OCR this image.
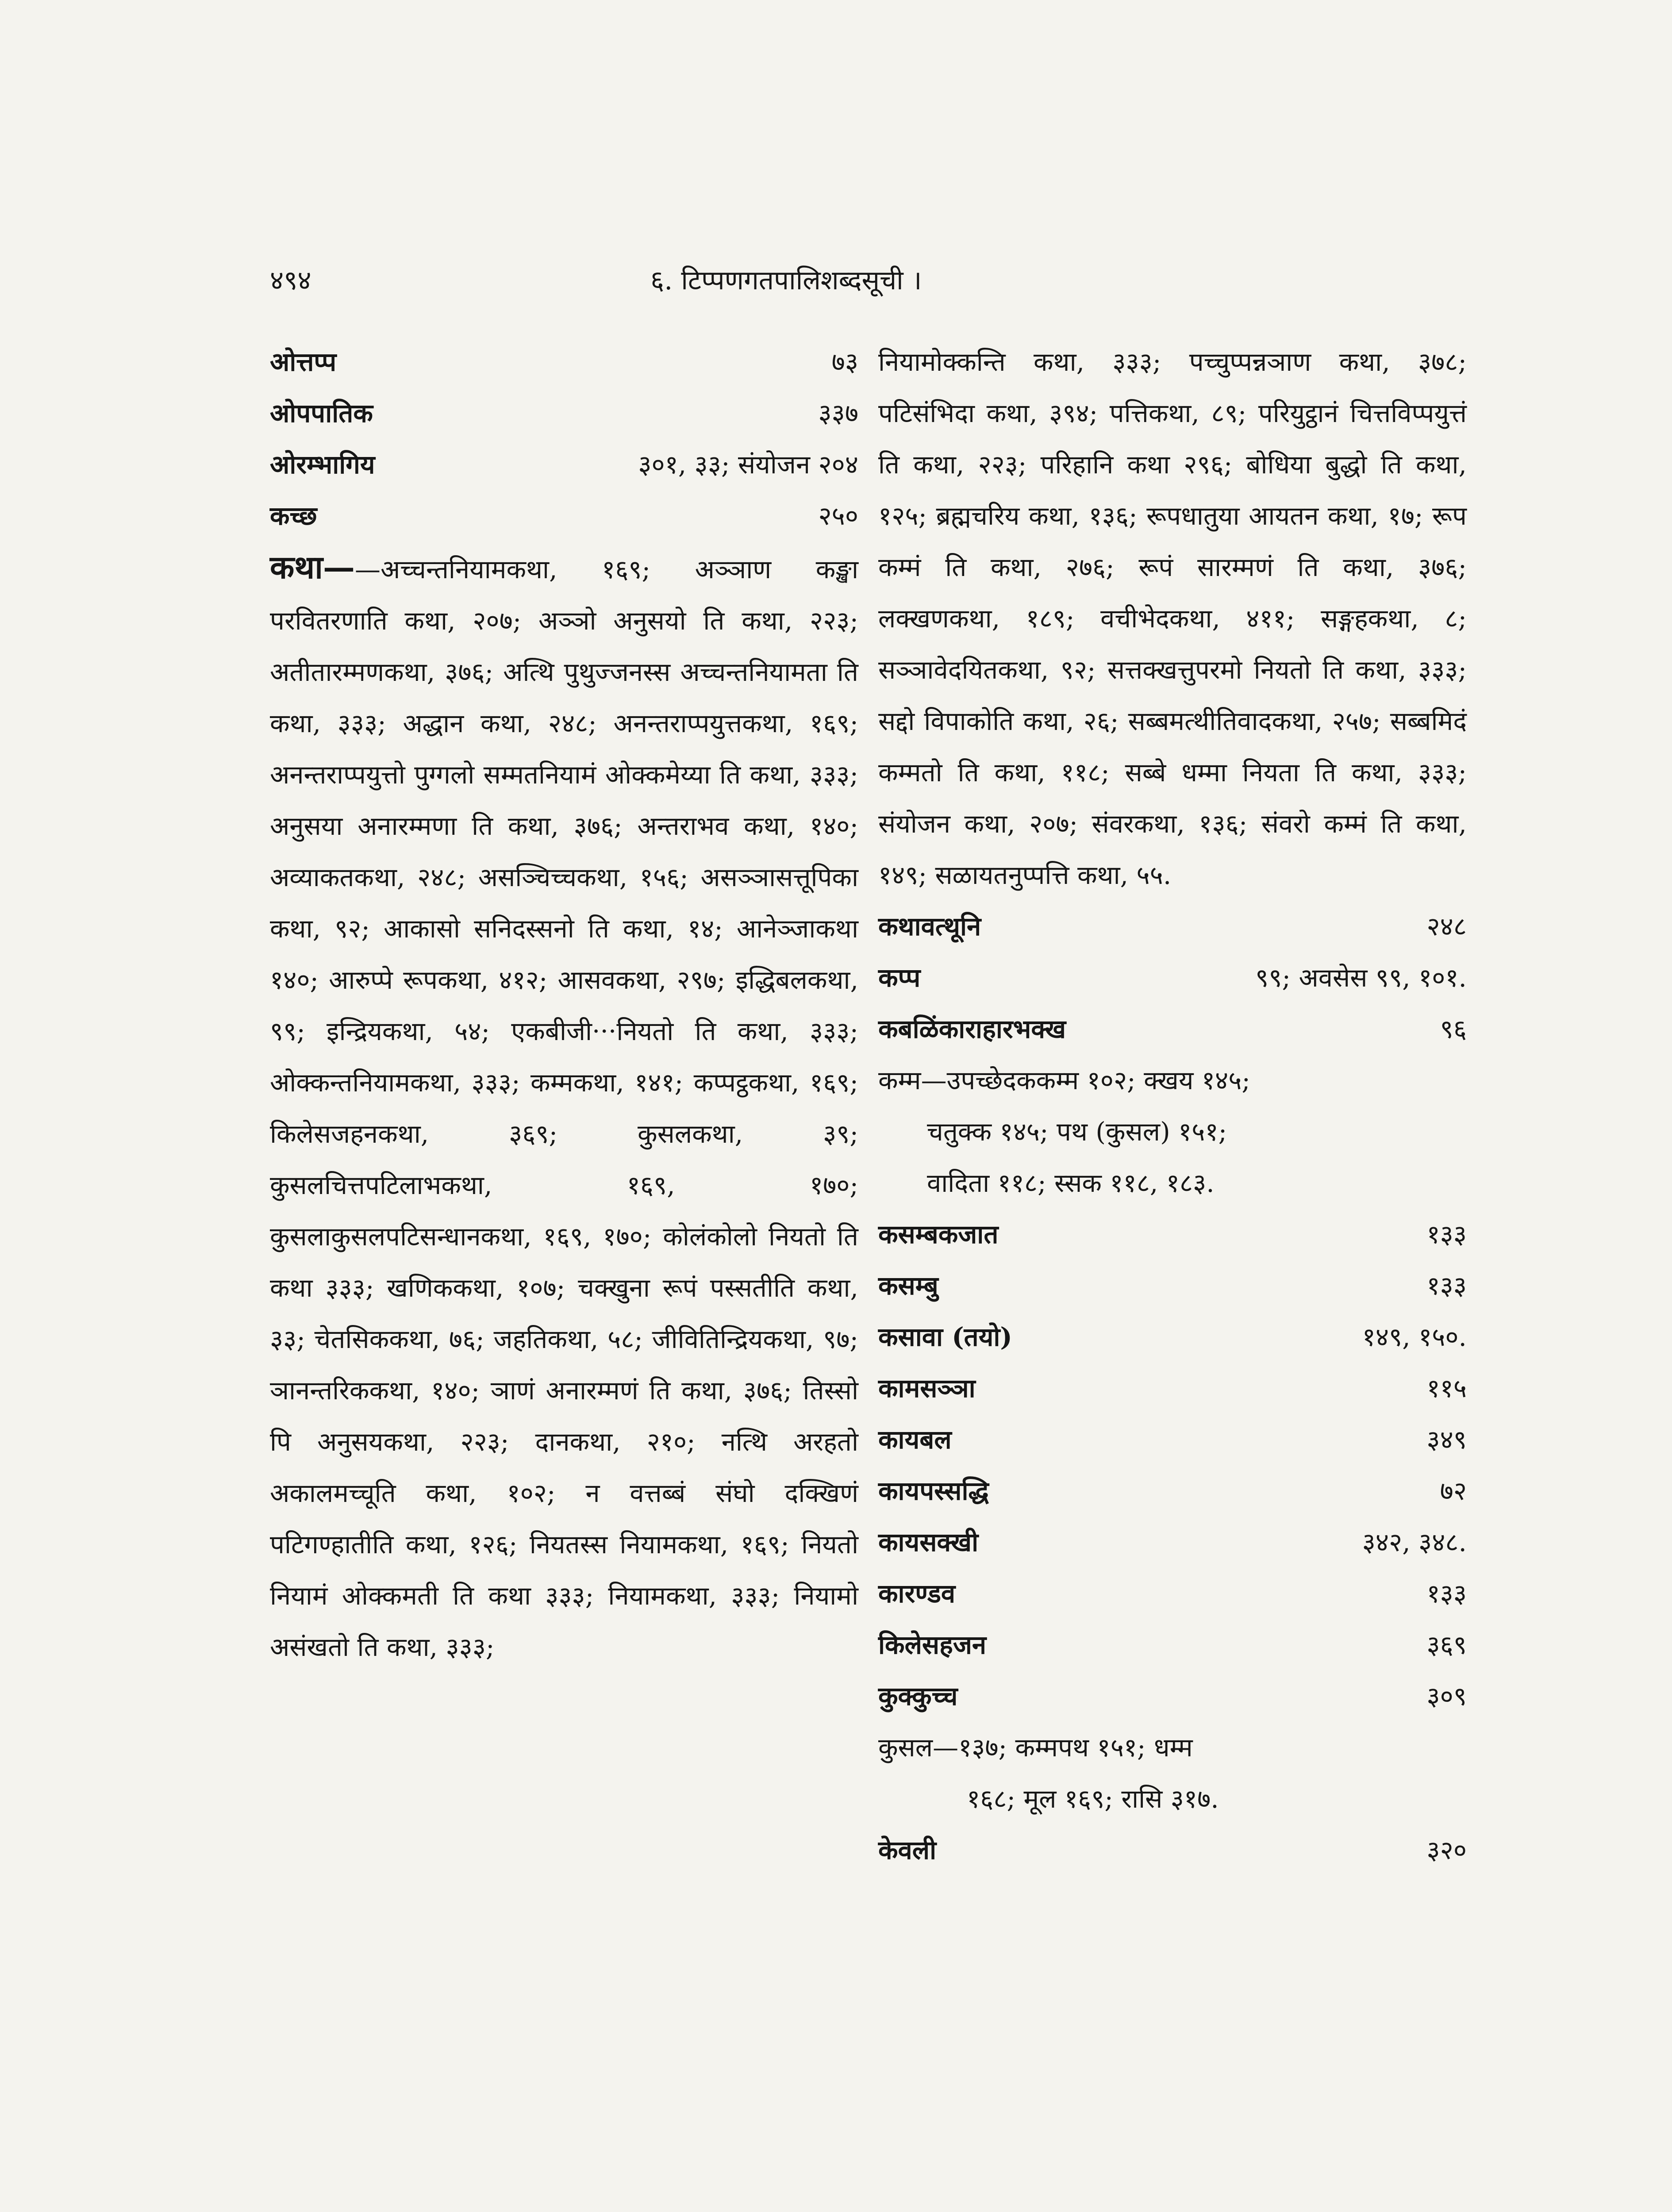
४९४	६. टिप्पणगतपालिशब्दसूची ।
ओत्तप्प	७३
ओपपातिक	३३७
ओरम्भागिय	३०१, ३३; संयोजन २०४
कच्छ	२५०

कथा——अच्चन्तनियामकथा, १६९; अञ्ञाण कङ्खा परवितरणाति कथा, २०७; अञ्ञो अनुसयो ति कथा, २२३; अतीतारम्मणकथा, ३७६; अत्थि पुथुज्जनस्स अच्चन्तनियामता ति कथा, ३३३; अद्धान कथा, २४८; अनन्तराप्पयुत्तकथा, १६९; अनन्तराप्पयुत्तो पुग्गलो सम्मतनियामं ओक्कमेय्या ति कथा, ३३३; अनुसया अनारम्मणा ति कथा, ३७६; अन्तराभव कथा, १४०; अव्याकतकथा, २४८; असञ्चिच्चकथा, १५६; असञ्ञासत्तूपिका कथा, ९२; आकासो सनिदस्सनो ति कथा, १४; आनेञ्जाकथा १४०; आरुप्पे रूपकथा, ४१२; आसवकथा, २९७; इद्धिबलकथा, ९९; इन्द्रियकथा, ५४; एकबीजी···नियतो ति कथा, ३३३; ओक्कन्तनियामकथा, ३३३; कम्मकथा, १४१; कप्पट्ठकथा, १६९; किलेसजहनकथा, ३६९; कुसलकथा, ३९; कुसलचित्तपटिलाभकथा, १६९, १७०; कुसलाकुसलपटिसन्धानकथा, १६९, १७०; कोलंकोलो नियतो ति कथा ३३३; खणिककथा, १०७; चक्खुना रूपं पस्सतीति कथा, ३३; चेतसिककथा, ७६; जहतिकथा, ५८; जीवितिन्द्रियकथा, ९७; ञानन्तरिककथा, १४०; ञाणं अनारम्मणं ति कथा, ३७६; तिस्सो पि अनुसयकथा, २२३; दानकथा, २१०; नत्थि अरहतो अकालमच्चूति कथा, १०२; न वत्तब्बं संघो दक्खिणं पटिगण्हातीति कथा, १२६; नियतस्स नियामकथा, १६९; नियतो नियामं ओक्कमती ति कथा ३३३; नियामकथा, ३३३; नियामो असंखतो ति कथा, ३३३;

नियामोक्कन्ति कथा, ३३३; पच्चुप्पन्नञाण कथा, ३७८; पटिसंभिदा कथा, ३९४; पत्तिकथा, ८९; परियुट्ठानं चित्तविप्पयुत्तं ति कथा, २२३; परिहानि कथा २९६; बोधिया बुद्धो ति कथा, १२५; ब्रह्मचरिय कथा, १३६; रूपधातुया आयतन कथा, १७; रूप कम्मं ति कथा, २७६; रूपं सारम्मणं ति कथा, ३७६; लक्खणकथा, १८९; वचीभेदकथा, ४११; सङ्गहकथा, ८; सञ्ञावेदयितकथा, ९२; सत्तक्खत्तुपरमो नियतो ति कथा, ३३३; सद्दो विपाकोति कथा, २६; सब्बमत्थीतिवादकथा, २५७; सब्बमिदं कम्मतो ति कथा, ११८; सब्बे धम्मा नियता ति कथा, ३३३; संयोजन कथा, २०७; संवरकथा, १३६; संवरो कम्मं ति कथा, १४९; सळायतनुप्पत्ति कथा, ५५.

कथावत्थूनि	२४८
कप्प	९९; अवसेस ९९, १०१.
कबळिंकाराहारभक्ख	९६
कम्म—उपच्छेदककम्म १०२; क्खय १४५;
चतुक्क १४५; पथ (कुसल) १५१;
वादिता ११८; स्सक ११८, १८३.
कसम्बकजात	१३३
कसम्बु	१३३
कसावा (तयो)	१४९, १५०.
कामसञ्ञा	११५
कायबल	३४९
कायपस्सद्धि	७२
कायसक्खी	३४२, ३४८.
कारण्डव	१३३
किलेसहजन	३६९
कुक्कुच्च	३०९
कुसल—१३७; कम्मपथ १५१; धम्म
१६८; मूल १६९; रासि ३१७.
केवली	३२०
